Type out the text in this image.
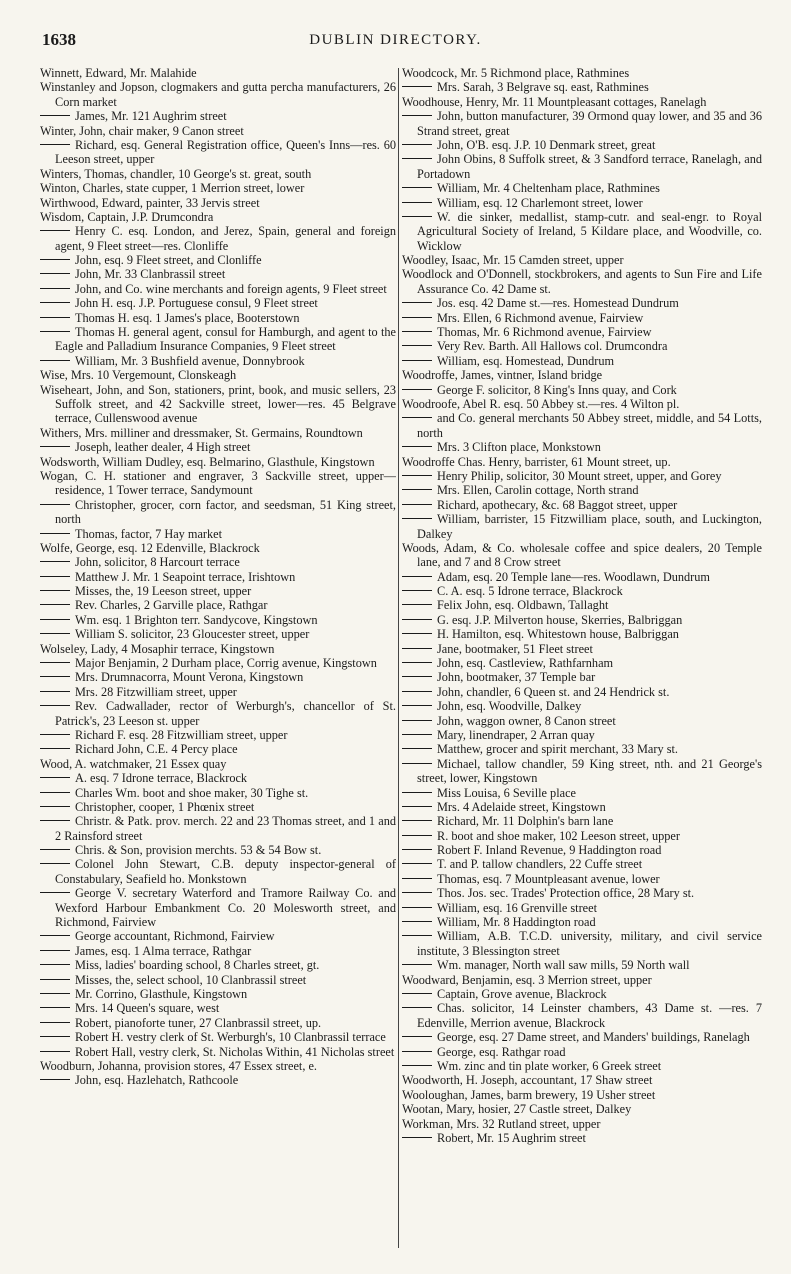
1638	DUBLIN DIRECTORY.

Winnett, Edward, Mr. Malahide

Winstanley and Jopson, clogmakers and gutta percha manufacturers, 26 Corn market

James, Mr. 121 Aughrim street

Winter, John, chair maker, 9 Canon street

Richard, esq. General Registration office, Queen's Inns—res. 60 Leeson street, upper

Winters, Thomas, chandler, 10 George's st. great, south

Winton, Charles, state cupper, 1 Merrion street, lower

Wirthwood, Edward, painter, 33 Jervis street

Wisdom, Captain, J.P. Drumcondra

Henry C. esq. London, and Jerez, Spain, general and foreign agent, 9 Fleet street—res. Clonliffe

John, esq. 9 Fleet street, and Clonliffe

John, Mr. 33 Clanbrassil street

John, and Co. wine merchants and foreign agents, 9 Fleet street

John H. esq. J.P. Portuguese consul, 9 Fleet street

Thomas H. esq. 1 James's place, Booterstown

Thomas H. general agent, consul for Hamburgh, and agent to the Eagle and Palladium Insurance Companies, 9 Fleet street

William, Mr. 3 Bushfield avenue, Donnybrook

Wise, Mrs. 10 Vergemount, Clonskeagh

Wiseheart, John, and Son, stationers, print, book, and music sellers, 23 Suffolk street, and 42 Sackville street, lower—res. 45 Belgrave terrace, Cullenswood avenue

Withers, Mrs. milliner and dressmaker, St. Germains, Roundtown

Joseph, leather dealer, 4 High street

Wodsworth, William Dudley, esq. Belmarino, Glasthule, Kingstown

Wogan, C. H. stationer and engraver, 3 Sackville street, upper—residence, 1 Tower terrace, Sandymount

Christopher, grocer, corn factor, and seedsman, 51 King street, north

Thomas, factor, 7 Hay market

Wolfe, George, esq. 12 Edenville, Blackrock

John, solicitor, 8 Harcourt terrace

Matthew J. Mr. 1 Seapoint terrace, Irishtown

Misses, the, 19 Leeson street, upper

Rev. Charles, 2 Garville place, Rathgar

Wm. esq. 1 Brighton terr. Sandycove, Kingstown

William S. solicitor, 23 Gloucester street, upper

Wolseley, Lady, 4 Mosaphir terrace, Kingstown

Major Benjamin, 2 Durham place, Corrig avenue, Kingstown

Mrs. Drumnacorra, Mount Verona, Kingstown

Mrs. 28 Fitzwilliam street, upper

Rev. Cadwallader, rector of Werburgh's, chancellor of St. Patrick's, 23 Leeson st. upper

Richard F. esq. 28 Fitzwilliam street, upper

Richard John, C.E. 4 Percy place

Wood, A. watchmaker, 21 Essex quay

A. esq. 7 Idrone terrace, Blackrock

Charles Wm. boot and shoe maker, 30 Tighe st.

Christopher, cooper, 1 Phœnix street

Christr. & Patk. prov. merch. 22 and 23 Thomas street, and 1 and 2 Rainsford street

Chris. & Son, provision merchts. 53 & 54 Bow st.

Colonel John Stewart, C.B. deputy inspector-general of Constabulary, Seafield ho. Monkstown

George V. secretary Waterford and Tramore Railway Co. and Wexford Harbour Embankment Co. 20 Molesworth street, and Richmond, Fairview

George accountant, Richmond, Fairview

James, esq. 1 Alma terrace, Rathgar

Miss, ladies' boarding school, 8 Charles street, gt.

Misses, the, select school, 10 Clanbrassil street

Mr. Corrino, Glasthule, Kingstown

Mrs. 14 Queen's square, west

Robert, pianoforte tuner, 27 Clanbrassil street, up.

Robert H. vestry clerk of St. Werburgh's, 10 Clanbrassil terrace

Robert Hall, vestry clerk, St. Nicholas Within, 41 Nicholas street

Woodburn, Johanna, provision stores, 47 Essex street, e.

John, esq. Hazlehatch, Rathcoole

Woodcock, Mr. 5 Richmond place, Rathmines

Mrs. Sarah, 3 Belgrave sq. east, Rathmines

Woodhouse, Henry, Mr. 11 Mountpleasant cottages, Ranelagh

John, button manufacturer, 39 Ormond quay lower, and 35 and 36 Strand street, great

John, O'B. esq. J.P. 10 Denmark street, great

John Obins, 8 Suffolk street, & 3 Sandford terrace, Ranelagh, and Portadown

William, Mr. 4 Cheltenham place, Rathmines

William, esq. 12 Charlemont street, lower

W. die sinker, medallist, stamp-cutr. and seal-engr. to Royal Agricultural Society of Ireland, 5 Kildare place, and Woodville, co. Wicklow

Woodley, Isaac, Mr. 15 Camden street, upper

Woodlock and O'Donnell, stockbrokers, and agents to Sun Fire and Life Assurance Co. 42 Dame st.

Jos. esq. 42 Dame st.—res. Homestead Dundrum

Mrs. Ellen, 6 Richmond avenue, Fairview

Thomas, Mr. 6 Richmond avenue, Fairview

Very Rev. Barth. All Hallows col. Drumcondra

William, esq. Homestead, Dundrum

Woodroffe, James, vintner, Island bridge

George F. solicitor, 8 King's Inns quay, and Cork

Woodroofe, Abel R. esq. 50 Abbey st.—res. 4 Wilton pl.

and Co. general merchants 50 Abbey street, middle, and 54 Lotts, north

Mrs. 3 Clifton place, Monkstown

Woodroffe Chas. Henry, barrister, 61 Mount street, up.

Henry Philip, solicitor, 30 Mount street, upper, and Gorey

Mrs. Ellen, Carolin cottage, North strand

Richard, apothecary, &c. 68 Baggot street, upper

William, barrister, 15 Fitzwilliam place, south, and Luckington, Dalkey

Woods, Adam, & Co. wholesale coffee and spice dealers, 20 Temple lane, and 7 and 8 Crow street

Adam, esq. 20 Temple lane—res. Woodlawn, Dundrum

C. A. esq. 5 Idrone terrace, Blackrock

Felix John, esq. Oldbawn, Tallaght

G. esq. J.P. Milverton house, Skerries, Balbriggan

H. Hamilton, esq. Whitestown house, Balbriggan

Jane, bootmaker, 51 Fleet street

John, esq. Castleview, Rathfarnham

John, bootmaker, 37 Temple bar

John, chandler, 6 Queen st. and 24 Hendrick st.

John, esq. Woodville, Dalkey

John, waggon owner, 8 Canon street

Mary, linendraper, 2 Arran quay

Matthew, grocer and spirit merchant, 33 Mary st.

Michael, tallow chandler, 59 King street, nth. and 21 George's street, lower, Kingstown

Miss Louisa, 6 Seville place

Mrs. 4 Adelaide street, Kingstown

Richard, Mr. 11 Dolphin's barn lane

R. boot and shoe maker, 102 Leeson street, upper

Robert F. Inland Revenue, 9 Haddington road

T. and P. tallow chandlers, 22 Cuffe street

Thomas, esq. 7 Mountpleasant avenue, lower

Thos. Jos. sec. Trades' Protection office, 28 Mary st.

William, esq. 16 Grenville street

William, Mr. 8 Haddington road

William, A.B. T.C.D. university, military, and civil service institute, 3 Blessington street

Wm. manager, North wall saw mills, 59 North wall

Woodward, Benjamin, esq. 3 Merrion street, upper

Captain, Grove avenue, Blackrock

Chas. solicitor, 14 Leinster chambers, 43 Dame st. —res. 7 Edenville, Merrion avenue, Blackrock

George, esq. 27 Dame street, and Manders' buildings, Ranelagh

George, esq. Rathgar road

Wm. zinc and tin plate worker, 6 Greek street

Woodworth, H. Joseph, accountant, 17 Shaw street

Wooloughan, James, barm brewery, 19 Usher street

Wootan, Mary, hosier, 27 Castle street, Dalkey

Workman, Mrs. 32 Rutland street, upper

Robert, Mr. 15 Aughrim street
